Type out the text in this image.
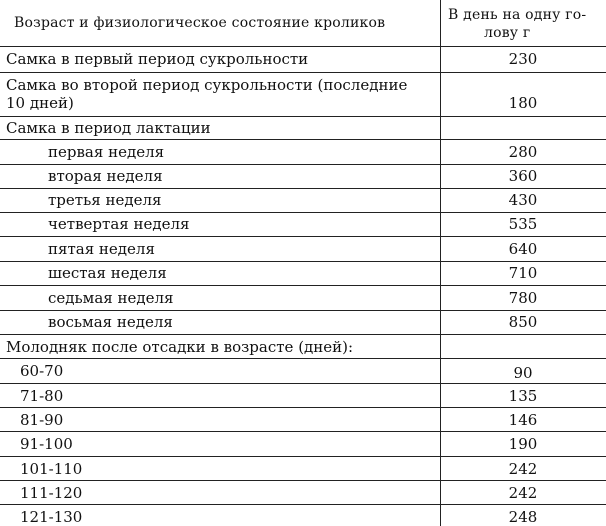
Возраст и физиологическое состояние кроликов	В день на одну го-
лову г
Самка в первый период сукрольности	230
Самка во второй период сукрольности (последние
10 дней)	180
Самка в период лактации
первая неделя	280
вторая неделя	360
третья неделя	430
четвертая неделя	535
пятая неделя	640
шестая неделя	710
седьмая неделя	780
восьмая неделя	850
Молодняк после отсадки в возрасте (дней):
60-70	90
71-80	135
81-90	146
91-100	190
101-110	242
111-120	242
121-130	248
